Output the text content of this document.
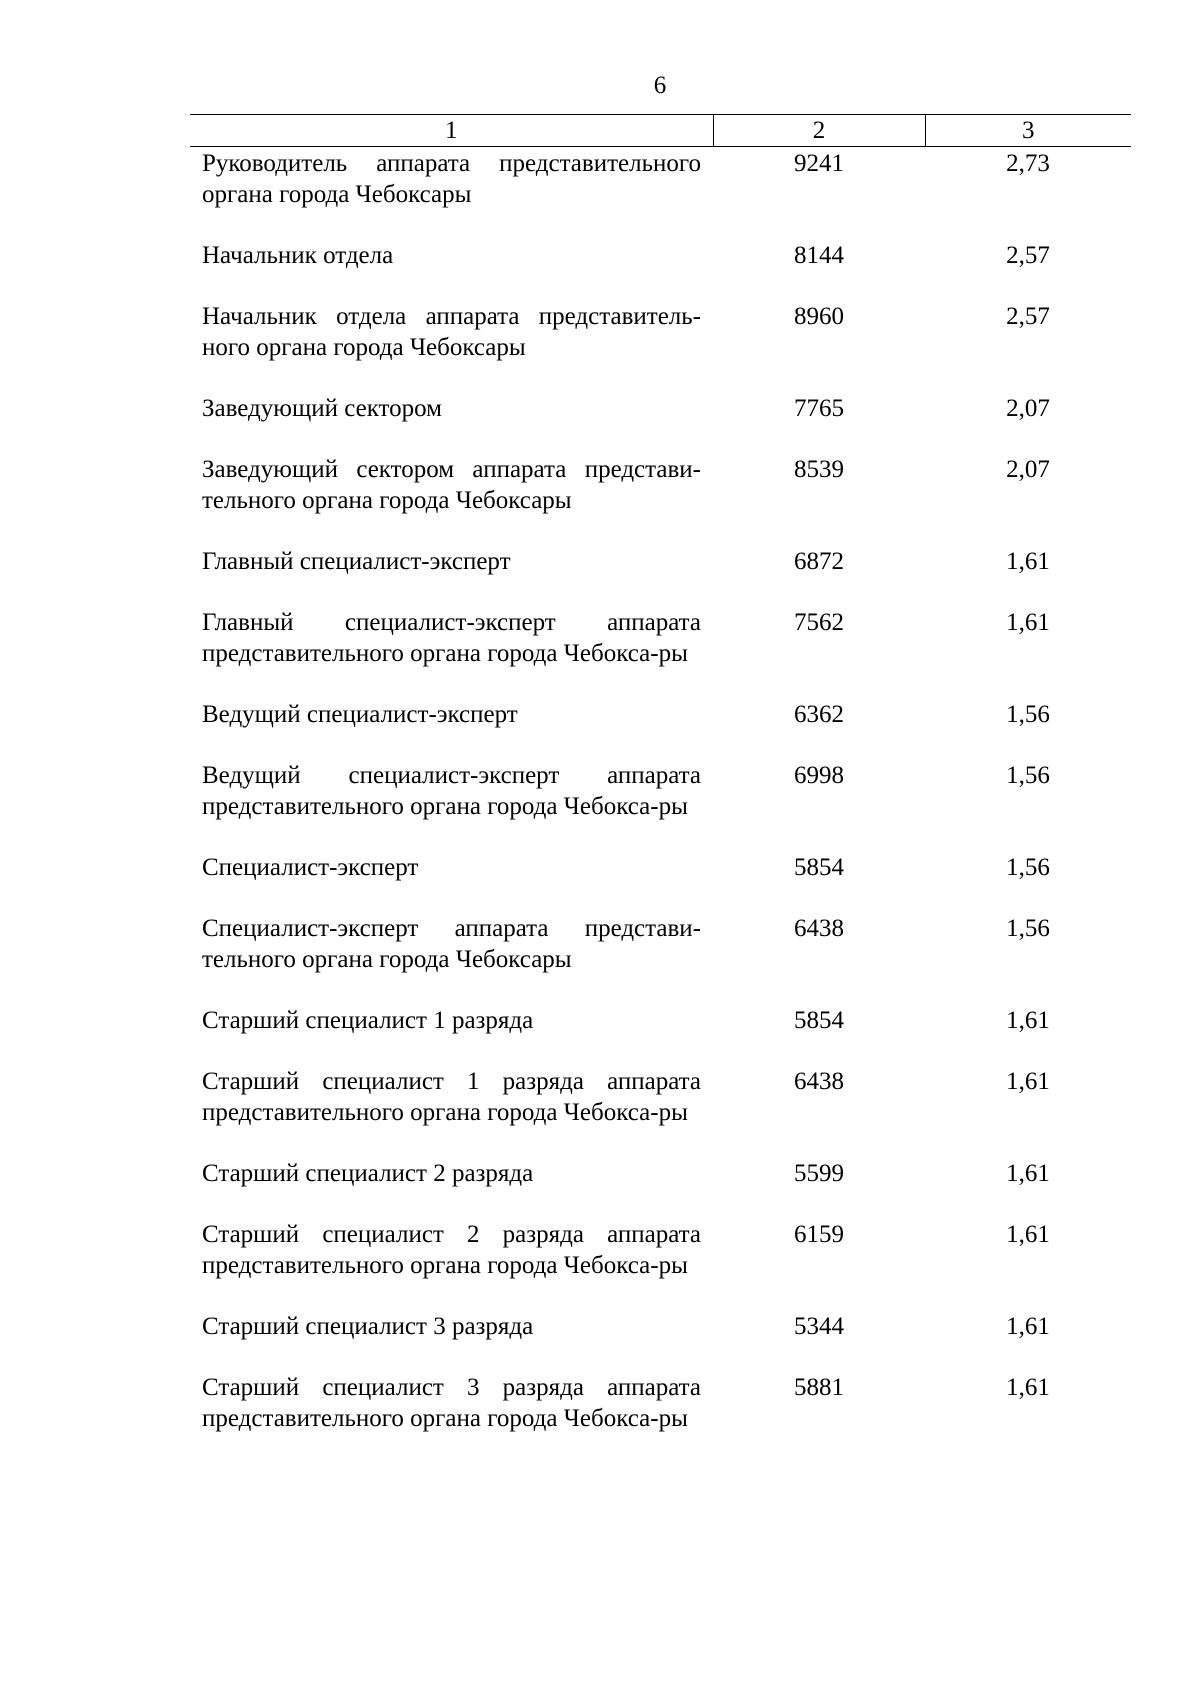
6
1	2	3
Руководитель аппарата представительного органа города Чебоксары	9241	2,73
Начальник отдела	8144	2,57
Начальник отдела аппарата представитель-ного органа города Чебоксары	8960	2,57
Заведующий сектором	7765	2,07
Заведующий сектором аппарата представи-тельного органа города Чебоксары	8539	2,07
Главный специалист-эксперт	6872	1,61
Главный специалист-эксперт аппарата представительного органа города Чебокса-ры	7562	1,61
Ведущий специалист-эксперт	6362	1,56
Ведущий специалист-эксперт аппарата представительного органа города Чебокса-ры	6998	1,56
Специалист-эксперт	5854	1,56
Специалист-эксперт аппарата представи-тельного органа города Чебоксары	6438	1,56
Старший специалист 1 разряда	5854	1,61
Старший специалист 1 разряда аппарата представительного органа города Чебокса-ры	6438	1,61
Старший специалист 2 разряда	5599	1,61
Старший специалист 2 разряда аппарата представительного органа города Чебокса-ры	6159	1,61
Старший специалист 3 разряда	5344	1,61
Старший специалист 3 разряда аппарата представительного органа города Чебокса-ры	5881	1,61
